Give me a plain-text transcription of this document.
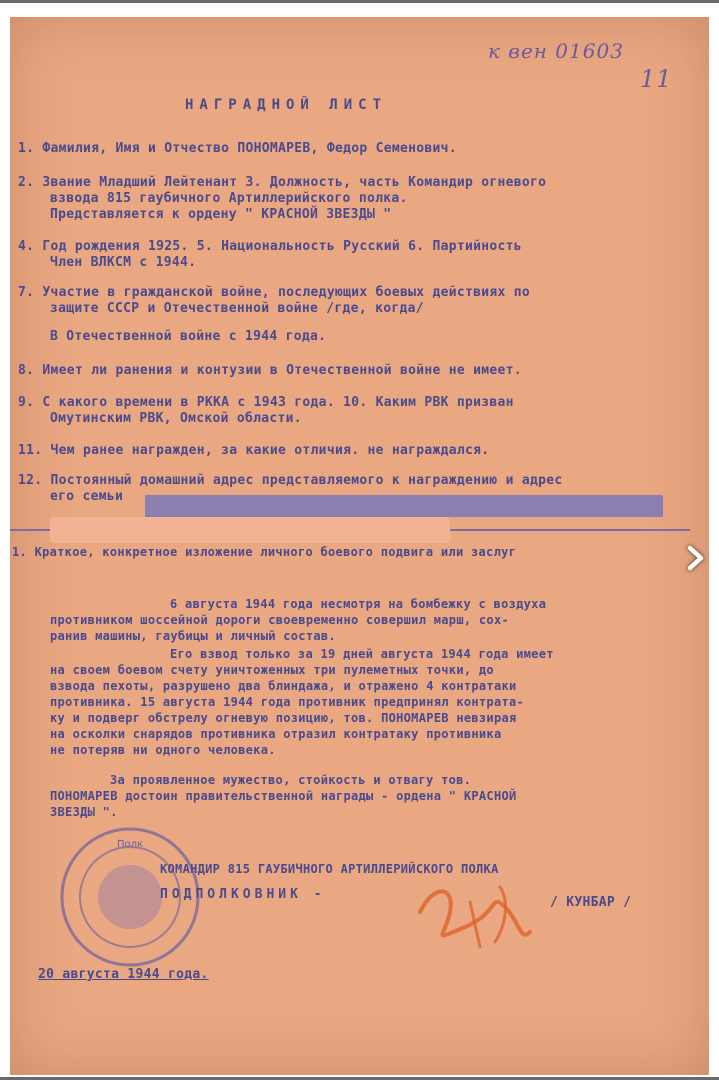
к вен 01603
11
НАГРАДНОЙ ЛИСТ
1. Фамилия, Имя и Отчество ПОНОМАРЕВ, Федор Семенович.
2. Звание Младший Лейтенант 3. Должность, часть Командир огневого
взвода 815 гаубичного Артиллерийского полка.
Представляется к ордену " КРАСНОЙ ЗВЕЗДЫ "
4. Год рождения 1925. 5. Национальность Русский 6. Партийность
Член ВЛКСМ с 1944.
7. Участие в гражданской войне, последующих боевых действиях по
защите СССР и Отечественной войне /где, когда/
В Отечественной войне с 1944 года.
8. Имеет ли ранения и контузии в Отечественной войне не имеет.
9. С какого времени в РККА с 1943 года. 10. Каким РВК призван
Омутинским РВК, Омской области.
11. Чем ранее награжден, за какие отличия. не награждался.
12. Постоянный домашний адрес представляемого к награждению и адрес
его семьи
1. Краткое, конкретное изложение личного боевого подвига или заслуг
6 августа 1944 года несмотря на бомбежку с воздуха
противником шоссейной дороги своевременно совершил марш, сох-
ранив машины, гаубицы и личный состав.
Его взвод только за 19 дней августа 1944 года имеет
на своем боевом счету уничтоженных три пулеметных точки, до
взвода пехоты, разрушено два блиндажа, и отражено 4 контратаки
противника. 15 августа 1944 года противник предпринял контрата-
ку и подверг обстрелу огневую позицию, тов. ПОНОМАРЕВ невзирая
на осколки снарядов противника отразил контратаку противника
не потеряв ни одного человека.
За проявленное мужество, стойкость и отвагу тов.
ПОНОМАРЕВ достоин правительственной награды - ордена " КРАСНОЙ
ЗВЕЗДЫ ".
Полк
КОМАНДИР 815 ГАУБИЧНОГО АРТИЛЛЕРИЙСКОГО ПОЛКА
ПОДПОЛКОВНИК -
/ КУНБАР /
20 августа 1944 года.
